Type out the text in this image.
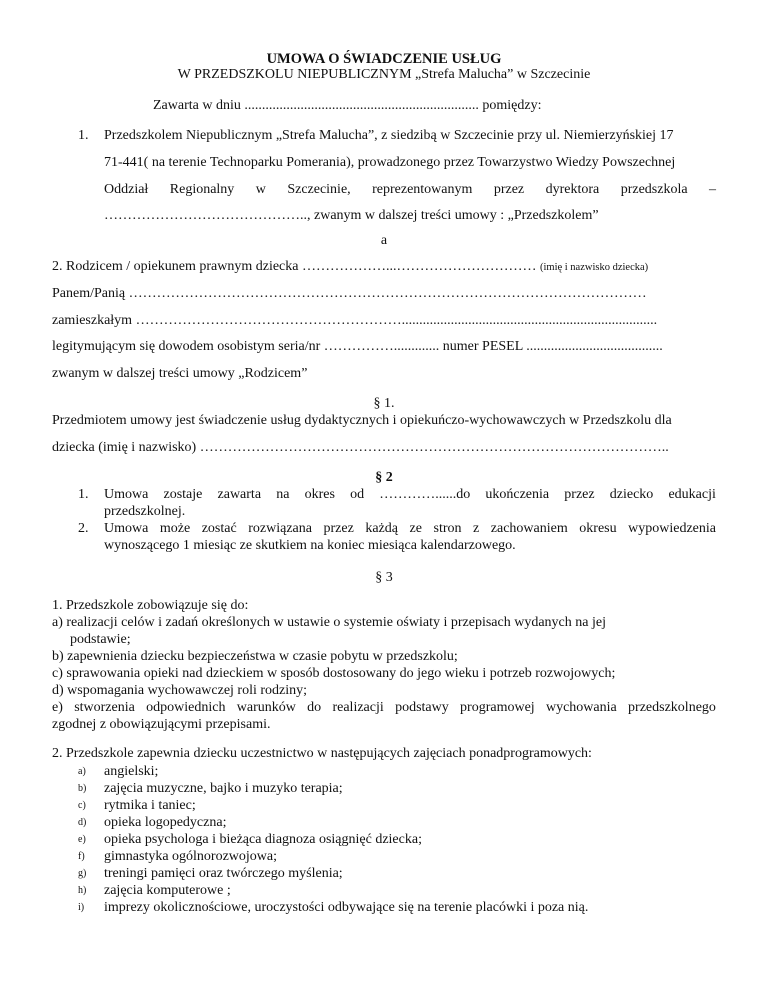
UMOWA O ŚWIADCZENIE USŁUG
W PRZEDSZKOLU NIEPUBLICZNYM „Strefa Malucha” w Szczecinie
Zawarta w dniu ................................................................... pomiędzy:
1. Przedszkolem Niepublicznym „Strefa Malucha”, z siedzibą w Szczecinie przy ul. Niemierzyńskiej 17
71-441( na terenie Technoparku Pomerania), prowadzonego przez Towarzystwo Wiedzy Powszechnej
Oddział Regionalny w Szczecinie, reprezentowanym przez dyrektora przedszkola –
…………………………………….., zwanym w dalszej treści umowy : „Przedszkolem”
a
2. Rodzicem / opiekunem prawnym dziecka ………………...………………………… (imię i nazwisko dziecka)
Panem/Panią …………………………………………………………………………………………………
zamieszkałym ………………………………………………….........................................................................
legitymującym się dowodem osobistym seria/nr ……………............. numer PESEL .......................................
zwanym w dalszej treści umowy „Rodzicem”
§ 1.
Przedmiotem umowy jest świadczenie usług dydaktycznych i opiekuńczo-wychowawczych w Przedszkolu dla
dziecka (imię i nazwisko) ………………………………………………………………………………………..
§ 2
1. Umowa zostaje zawarta na okres od …………......do ukończenia przez dziecko edukacji
przedszkolnej.
2. Umowa może zostać rozwiązana przez każdą ze stron z zachowaniem okresu wypowiedzenia
wynoszącego 1 miesiąc ze skutkiem na koniec miesiąca kalendarzowego.
§ 3
1. Przedszkole zobowiązuje się do:
a) realizacji celów i zadań określonych w ustawie o systemie oświaty i przepisach wydanych na jej
podstawie;
b) zapewnienia dziecku bezpieczeństwa w czasie pobytu w przedszkolu;
c) sprawowania opieki nad dzieckiem w sposób dostosowany do jego wieku i potrzeb rozwojowych;
d) wspomagania wychowawczej roli rodziny;
e) stworzenia odpowiednich warunków do realizacji podstawy programowej wychowania przedszkolnego
zgodnej z obowiązującymi przepisami.
2. Przedszkole zapewnia dziecku uczestnictwo w następujących zajęciach ponadprogramowych:
a) angielski;
b) zajęcia muzyczne, bajko i muzyko terapia;
c) rytmika i taniec;
d) opieka logopedyczna;
e) opieka psychologa i bieżąca diagnoza osiągnięć dziecka;
f) gimnastyka ogólnorozwojowa;
g) treningi pamięci oraz twórczego myślenia;
h) zajęcia komputerowe ;
i) imprezy okolicznościowe, uroczystości odbywające się na terenie placówki i poza nią.
